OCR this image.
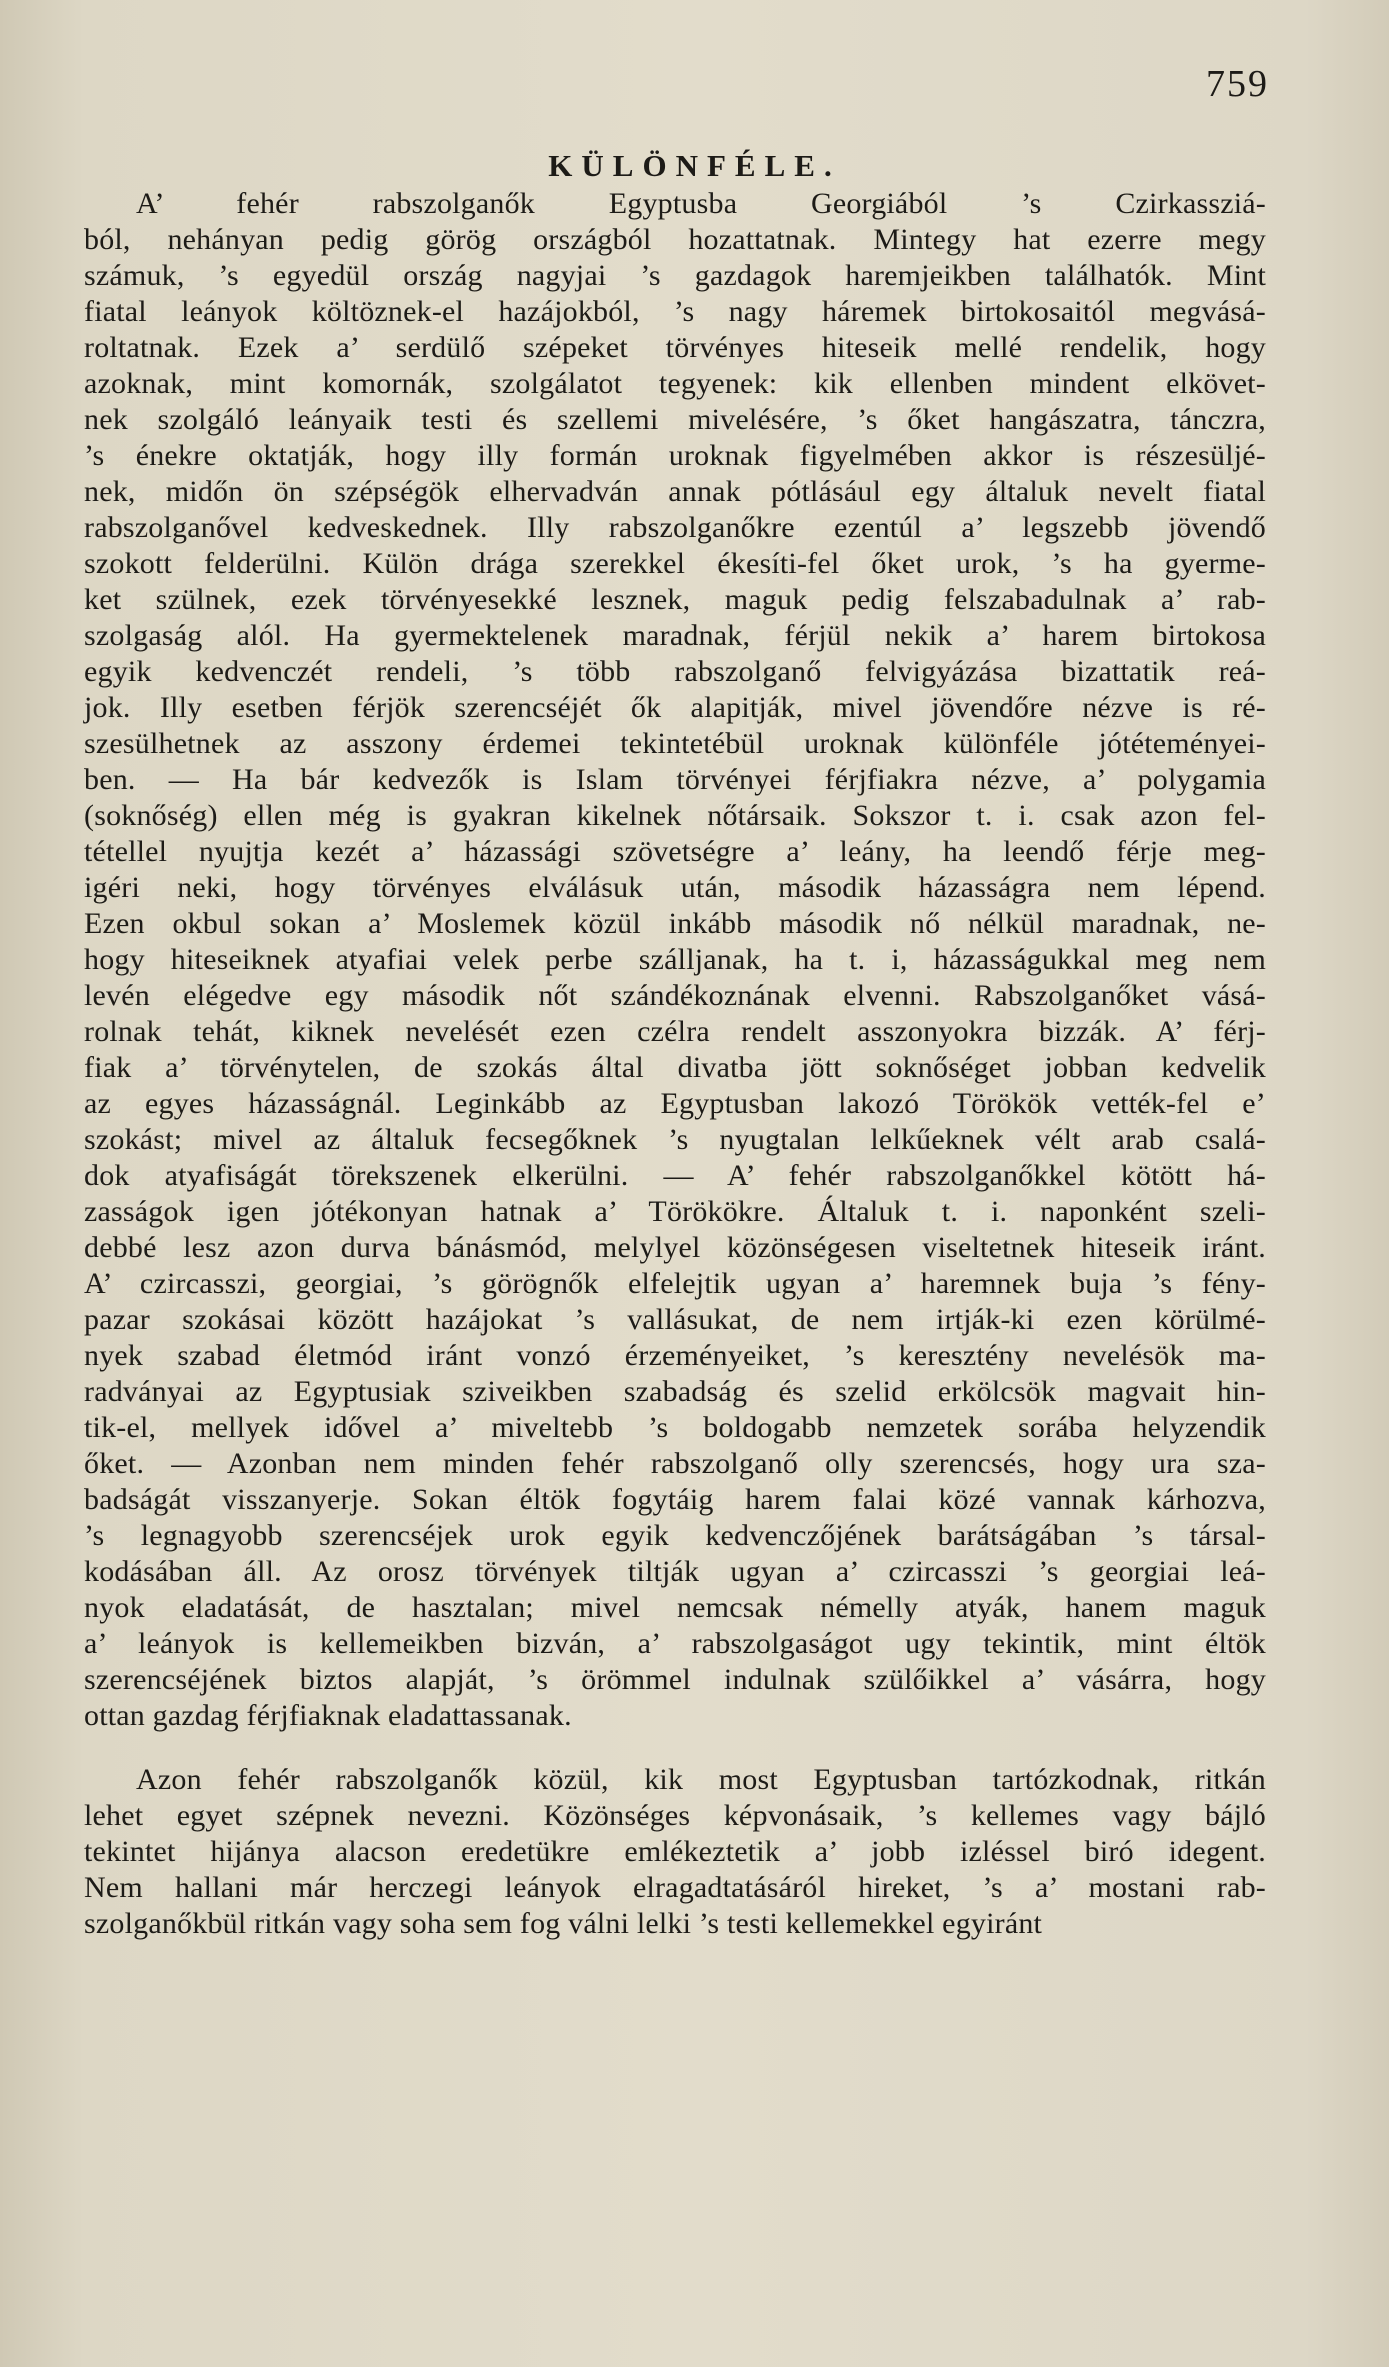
759
KÜLÖNFÉLE.
A’ fehér rabszolganők Egyptusba Georgiából ’s Czirkassziá-
ból, nehányan pedig görög országból hozattatnak. Mintegy hat ezerre megy
számuk, ’s egyedül ország nagyjai ’s gazdagok haremjeikben találhatók. Mint
fiatal leányok költöznek-el hazájokból, ’s nagy háremek birtokosaitól megvásá-
roltatnak. Ezek a’ serdülő szépeket törvényes hiteseik mellé rendelik, hogy
azoknak, mint komornák, szolgálatot tegyenek: kik ellenben mindent elkövet-
nek szolgáló leányaik testi és szellemi mivelésére, ’s őket hangászatra, tánczra,
’s énekre oktatják, hogy illy formán uroknak figyelmében akkor is részesüljé-
nek, midőn ön szépségök elhervadván annak pótlásául egy általuk nevelt fiatal
rabszolganővel kedveskednek. Illy rabszolganőkre ezentúl a’ legszebb jövendő
szokott felderülni. Külön drága szerekkel ékesíti-fel őket urok, ’s ha gyerme-
ket szülnek, ezek törvényesekké lesznek, maguk pedig felszabadulnak a’ rab-
szolgaság alól. Ha gyermektelenek maradnak, férjül nekik a’ harem birtokosa
egyik kedvenczét rendeli, ’s több rabszolganő felvigyázása bizattatik reá-
jok. Illy esetben férjök szerencséjét ők alapitják, mivel jövendőre nézve is ré-
szesülhetnek az asszony érdemei tekintetébül uroknak különféle jótéteményei-
ben. — Ha bár kedvezők is Islam törvényei férjfiakra nézve, a’ polygamia
(soknőség) ellen még is gyakran kikelnek nőtársaik. Sokszor t. i. csak azon fel-
tétellel nyujtja kezét a’ házassági szövetségre a’ leány, ha leendő férje meg-
igéri neki, hogy törvényes elválásuk után, második házasságra nem lépend.
Ezen okbul sokan a’ Moslemek közül inkább második nő nélkül maradnak, ne-
hogy hiteseiknek atyafiai velek perbe szálljanak, ha t. i, házasságukkal meg nem
levén elégedve egy második nőt szándékoznának elvenni. Rabszolganőket vásá-
rolnak tehát, kiknek nevelését ezen czélra rendelt asszonyokra bizzák. A’ férj-
fiak a’ törvénytelen, de szokás által divatba jött soknőséget jobban kedvelik
az egyes házasságnál. Leginkább az Egyptusban lakozó Törökök vették-fel e’
szokást; mivel az általuk fecsegőknek ’s nyugtalan lelkűeknek vélt arab csalá-
dok atyafiságát törekszenek elkerülni. — A’ fehér rabszolganőkkel kötött há-
zasságok igen jótékonyan hatnak a’ Törökökre. Általuk t. i. naponként szeli-
debbé lesz azon durva bánásmód, melylyel közönségesen viseltetnek hiteseik iránt.
A’ czircasszi, georgiai, ’s görögnők elfelejtik ugyan a’ haremnek buja ’s fény-
pazar szokásai között hazájokat ’s vallásukat, de nem irtják-ki ezen körülmé-
nyek szabad életmód iránt vonzó érzeményeiket, ’s keresztény nevelésök ma-
radványai az Egyptusiak sziveikben szabadság és szelid erkölcsök magvait hin-
tik-el, mellyek idővel a’ miveltebb ’s boldogabb nemzetek sorába helyzendik
őket. — Azonban nem minden fehér rabszolganő olly szerencsés, hogy ura sza-
badságát visszanyerje. Sokan éltök fogytáig harem falai közé vannak kárhozva,
’s legnagyobb szerencséjek urok egyik kedvenczőjének barátságában ’s társal-
kodásában áll. Az orosz törvények tiltják ugyan a’ czircasszi ’s georgiai leá-
nyok eladatását, de hasztalan; mivel nemcsak némelly atyák, hanem maguk
a’ leányok is kellemeikben bizván, a’ rabszolgaságot ugy tekintik, mint éltök
szerencséjének biztos alapját, ’s örömmel indulnak szülőikkel a’ vásárra, hogy
ottan gazdag férjfiaknak eladattassanak.
Azon fehér rabszolganők közül, kik most Egyptusban tartózkodnak, ritkán
lehet egyet szépnek nevezni. Közönséges képvonásaik, ’s kellemes vagy bájló
tekintet hijánya alacson eredetükre emlékeztetik a’ jobb izléssel biró idegent.
Nem hallani már herczegi leányok elragadtatásáról hireket, ’s a’ mostani rab-
szolganőkbül ritkán vagy soha sem fog válni lelki ’s testi kellemekkel egyiránt
